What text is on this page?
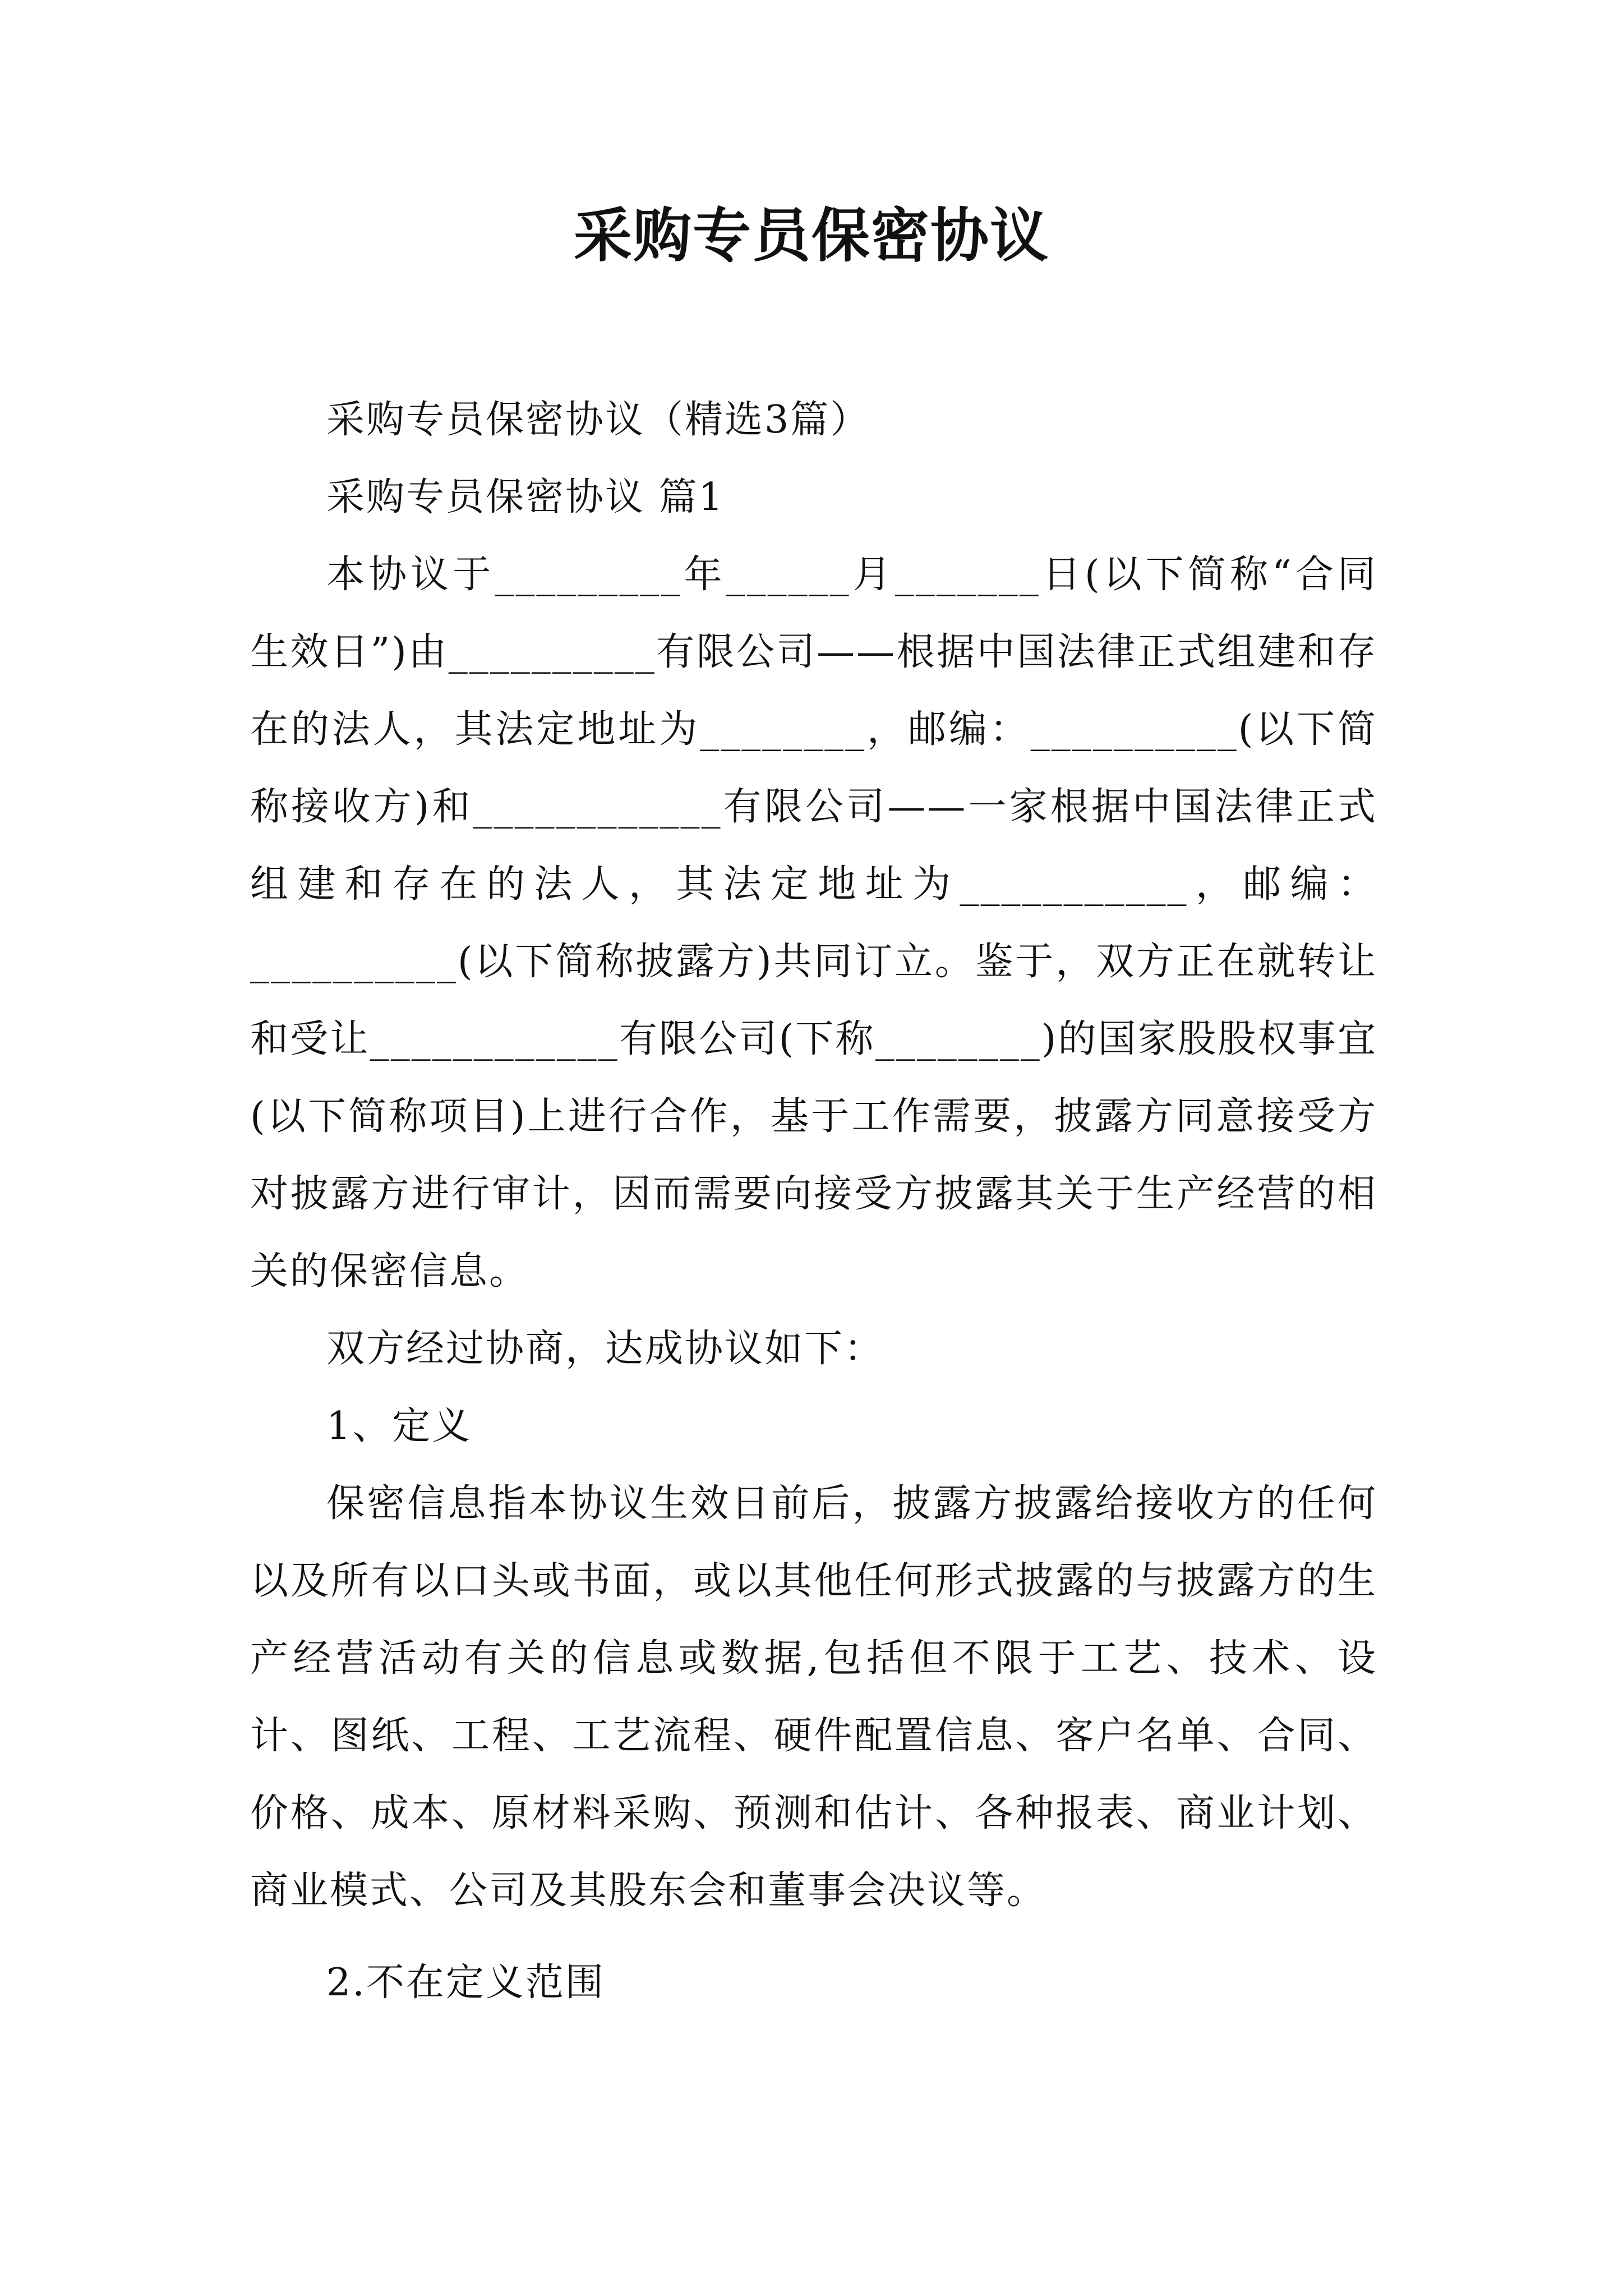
采购专员保密协议

采购专员保密协议（精选3篇）

采购专员保密协议 篇1

本协议于_________年______月_______日(以下简称“合同生效日”)由__________有限公司——根据中国法律正式组建和存在的法人，其法定地址为________，邮编：__________(以下简称接收方)和____________有限公司——一家根据中国法律正式组建和存在的法人，其法定地址为___________，邮编：__________(以下简称披露方)共同订立。鉴于，双方正在就转让和受让____________有限公司(下称________)的国家股股权事宜(以下简称项目)上进行合作，基于工作需要，披露方同意接受方对披露方进行审计，因而需要向接受方披露其关于生产经营的相关的保密信息。

双方经过协商，达成协议如下：

1、定义

保密信息指本协议生效日前后，披露方披露给接收方的任何以及所有以口头或书面，或以其他任何形式披露的与披露方的生产经营活动有关的信息或数据,包括但不限于工艺、技术、设计、图纸、工程、工艺流程、硬件配置信息、客户名单、合同、价格、成本、原材料采购、预测和估计、各种报表、商业计划、商业模式、公司及其股东会和董事会决议等。

2.不在定义范围
